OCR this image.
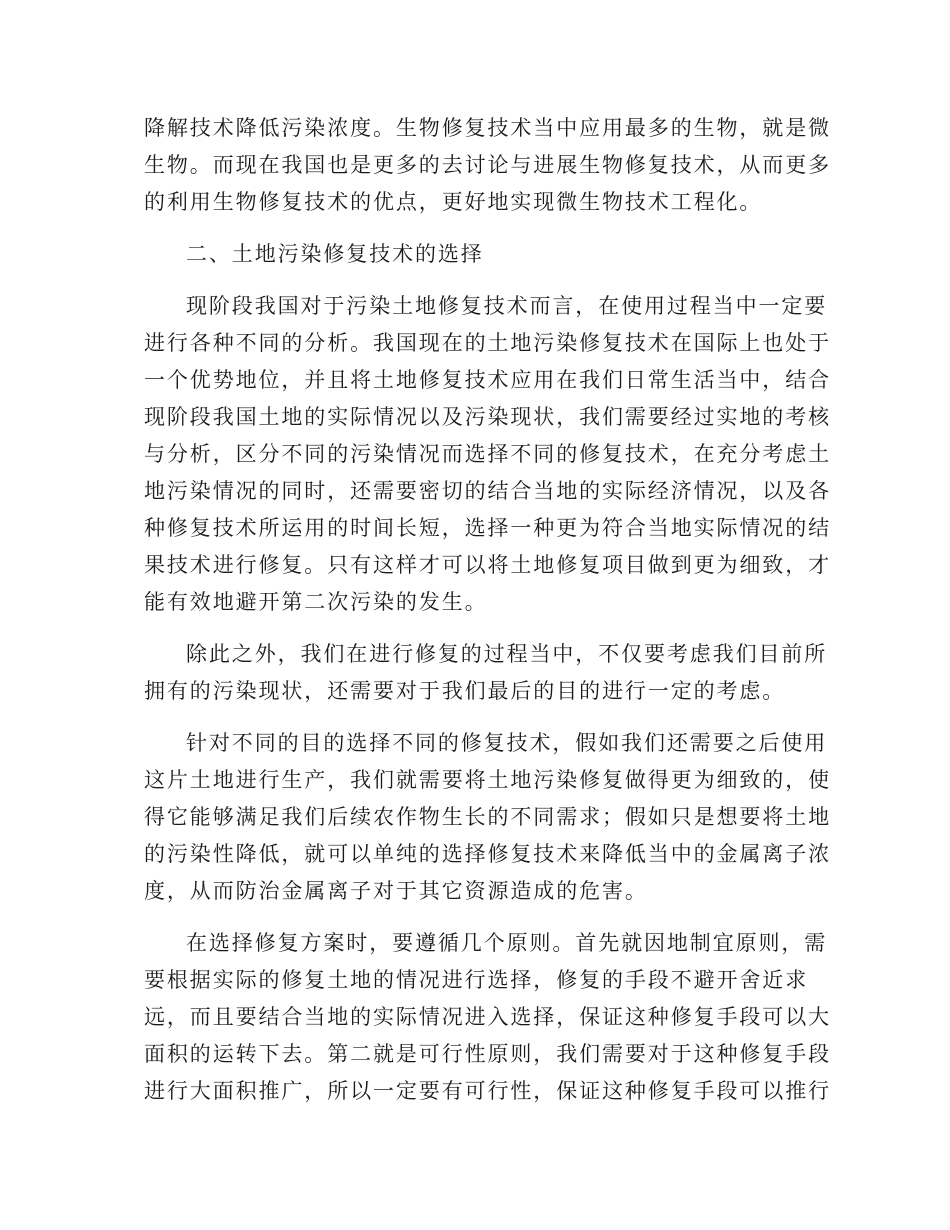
降解技术降低污染浓度。生物修复技术当中应用最多的生物，就是微

生物。而现在我国也是更多的去讨论与进展生物修复技术，从而更多

的利用生物修复技术的优点，更好地实现微生物技术工程化。

二、土地污染修复技术的选择

现阶段我国对于污染土地修复技术而言，在使用过程当中一定要

进行各种不同的分析。我国现在的土地污染修复技术在国际上也处于

一个优势地位，并且将土地修复技术应用在我们日常生活当中，结合

现阶段我国土地的实际情况以及污染现状，我们需要经过实地的考核

与分析，区分不同的污染情况而选择不同的修复技术，在充分考虑土

地污染情况的同时，还需要密切的结合当地的实际经济情况，以及各

种修复技术所运用的时间长短，选择一种更为符合当地实际情况的结

果技术进行修复。只有这样才可以将土地修复项目做到更为细致，才

能有效地避开第二次污染的发生。

除此之外，我们在进行修复的过程当中，不仅要考虑我们目前所

拥有的污染现状，还需要对于我们最后的目的进行一定的考虑。

针对不同的目的选择不同的修复技术，假如我们还需要之后使用

这片土地进行生产，我们就需要将土地污染修复做得更为细致的，使

得它能够满足我们后续农作物生长的不同需求；假如只是想要将土地

的污染性降低，就可以单纯的选择修复技术来降低当中的金属离子浓

度，从而防治金属离子对于其它资源造成的危害。

在选择修复方案时，要遵循几个原则。首先就因地制宜原则，需

要根据实际的修复土地的情况进行选择，修复的手段不避开舍近求

远，而且要结合当地的实际情况进入选择，保证这种修复手段可以大

面积的运转下去。第二就是可行性原则，我们需要对于这种修复手段

进行大面积推广，所以一定要有可行性，保证这种修复手段可以推行
